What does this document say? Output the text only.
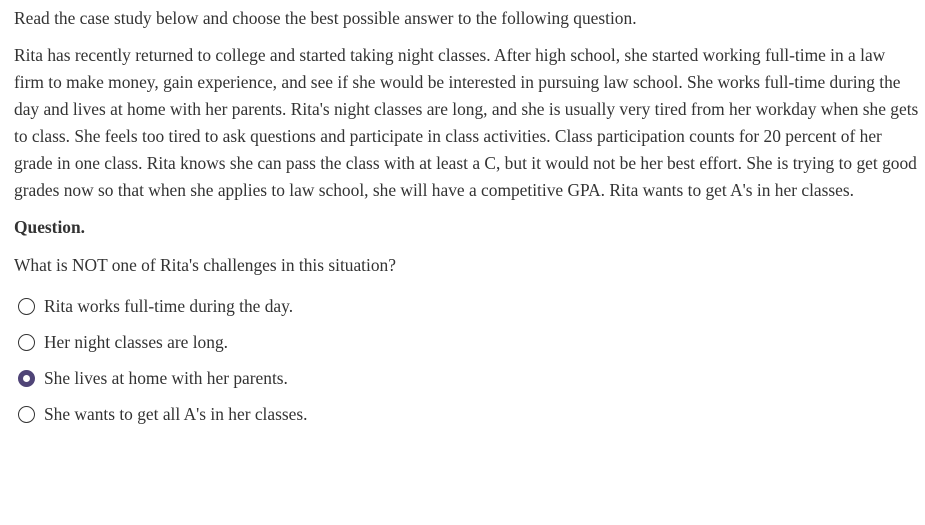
Read the case study below and choose the best possible answer to the following question.

Rita has recently returned to college and started taking night classes. After high school, she started working full-time in a law firm to make money, gain experience, and see if she would be interested in pursuing law school. She works full-time during the day and lives at home with her parents. Rita's night classes are long, and she is usually very tired from her workday when she gets to class. She feels too tired to ask questions and participate in class activities. Class participation counts for 20 percent of her grade in one class. Rita knows she can pass the class with at least a C, but it would not be her best effort. She is trying to get good grades now so that when she applies to law school, she will have a competitive GPA. Rita wants to get A's in her classes.

Question.

What is NOT one of Rita's challenges in this situation?

Rita works full-time during the day.
Her night classes are long.
She lives at home with her parents.
She wants to get all A's in her classes.
